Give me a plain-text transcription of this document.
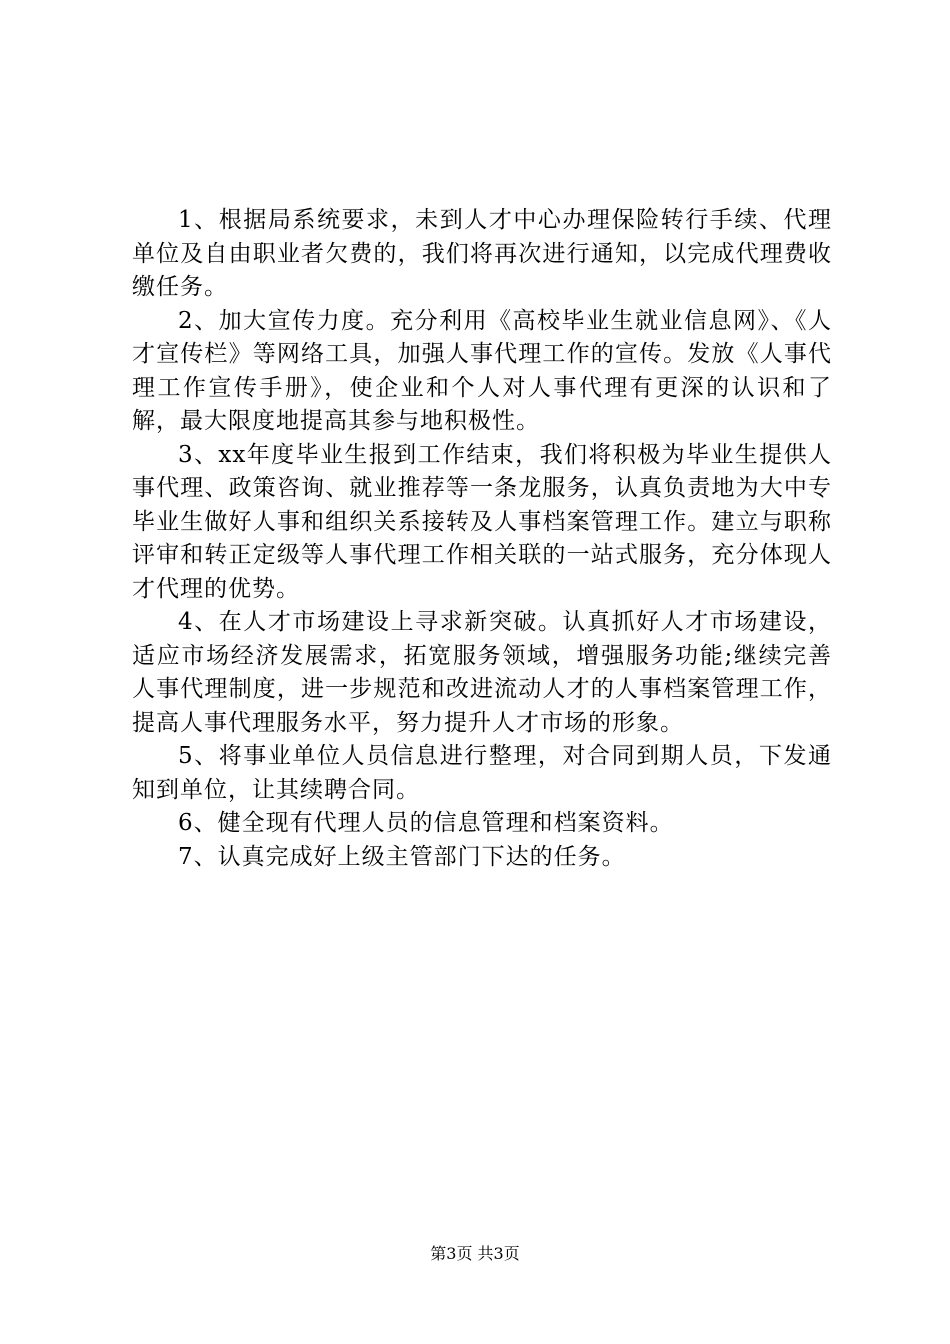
1、根据局系统要求，未到人才中心办理保险转行手续、代理单位及自由职业者欠费的，我们将再次进行通知，以完成代理费收缴任务。

2、加大宣传力度。充分利用《高校毕业生就业信息网》、《人才宣传栏》等网络工具，加强人事代理工作的宣传。发放《人事代理工作宣传手册》，使企业和个人对人事代理有更深的认识和了解，最大限度地提高其参与地积极性。

3、xx年度毕业生报到工作结束，我们将积极为毕业生提供人事代理、政策咨询、就业推荐等一条龙服务，认真负责地为大中专毕业生做好人事和组织关系接转及人事档案管理工作。建立与职称评审和转正定级等人事代理工作相关联的一站式服务，充分体现人才代理的优势。

4、在人才市场建设上寻求新突破。认真抓好人才市场建设，适应市场经济发展需求，拓宽服务领域，增强服务功能;继续完善人事代理制度，进一步规范和改进流动人才的人事档案管理工作，提高人事代理服务水平，努力提升人才市场的形象。

5、将事业单位人员信息进行整理，对合同到期人员，下发通知到单位，让其续聘合同。

6、健全现有代理人员的信息管理和档案资料。

7、认真完成好上级主管部门下达的任务。

第3页 共3页
